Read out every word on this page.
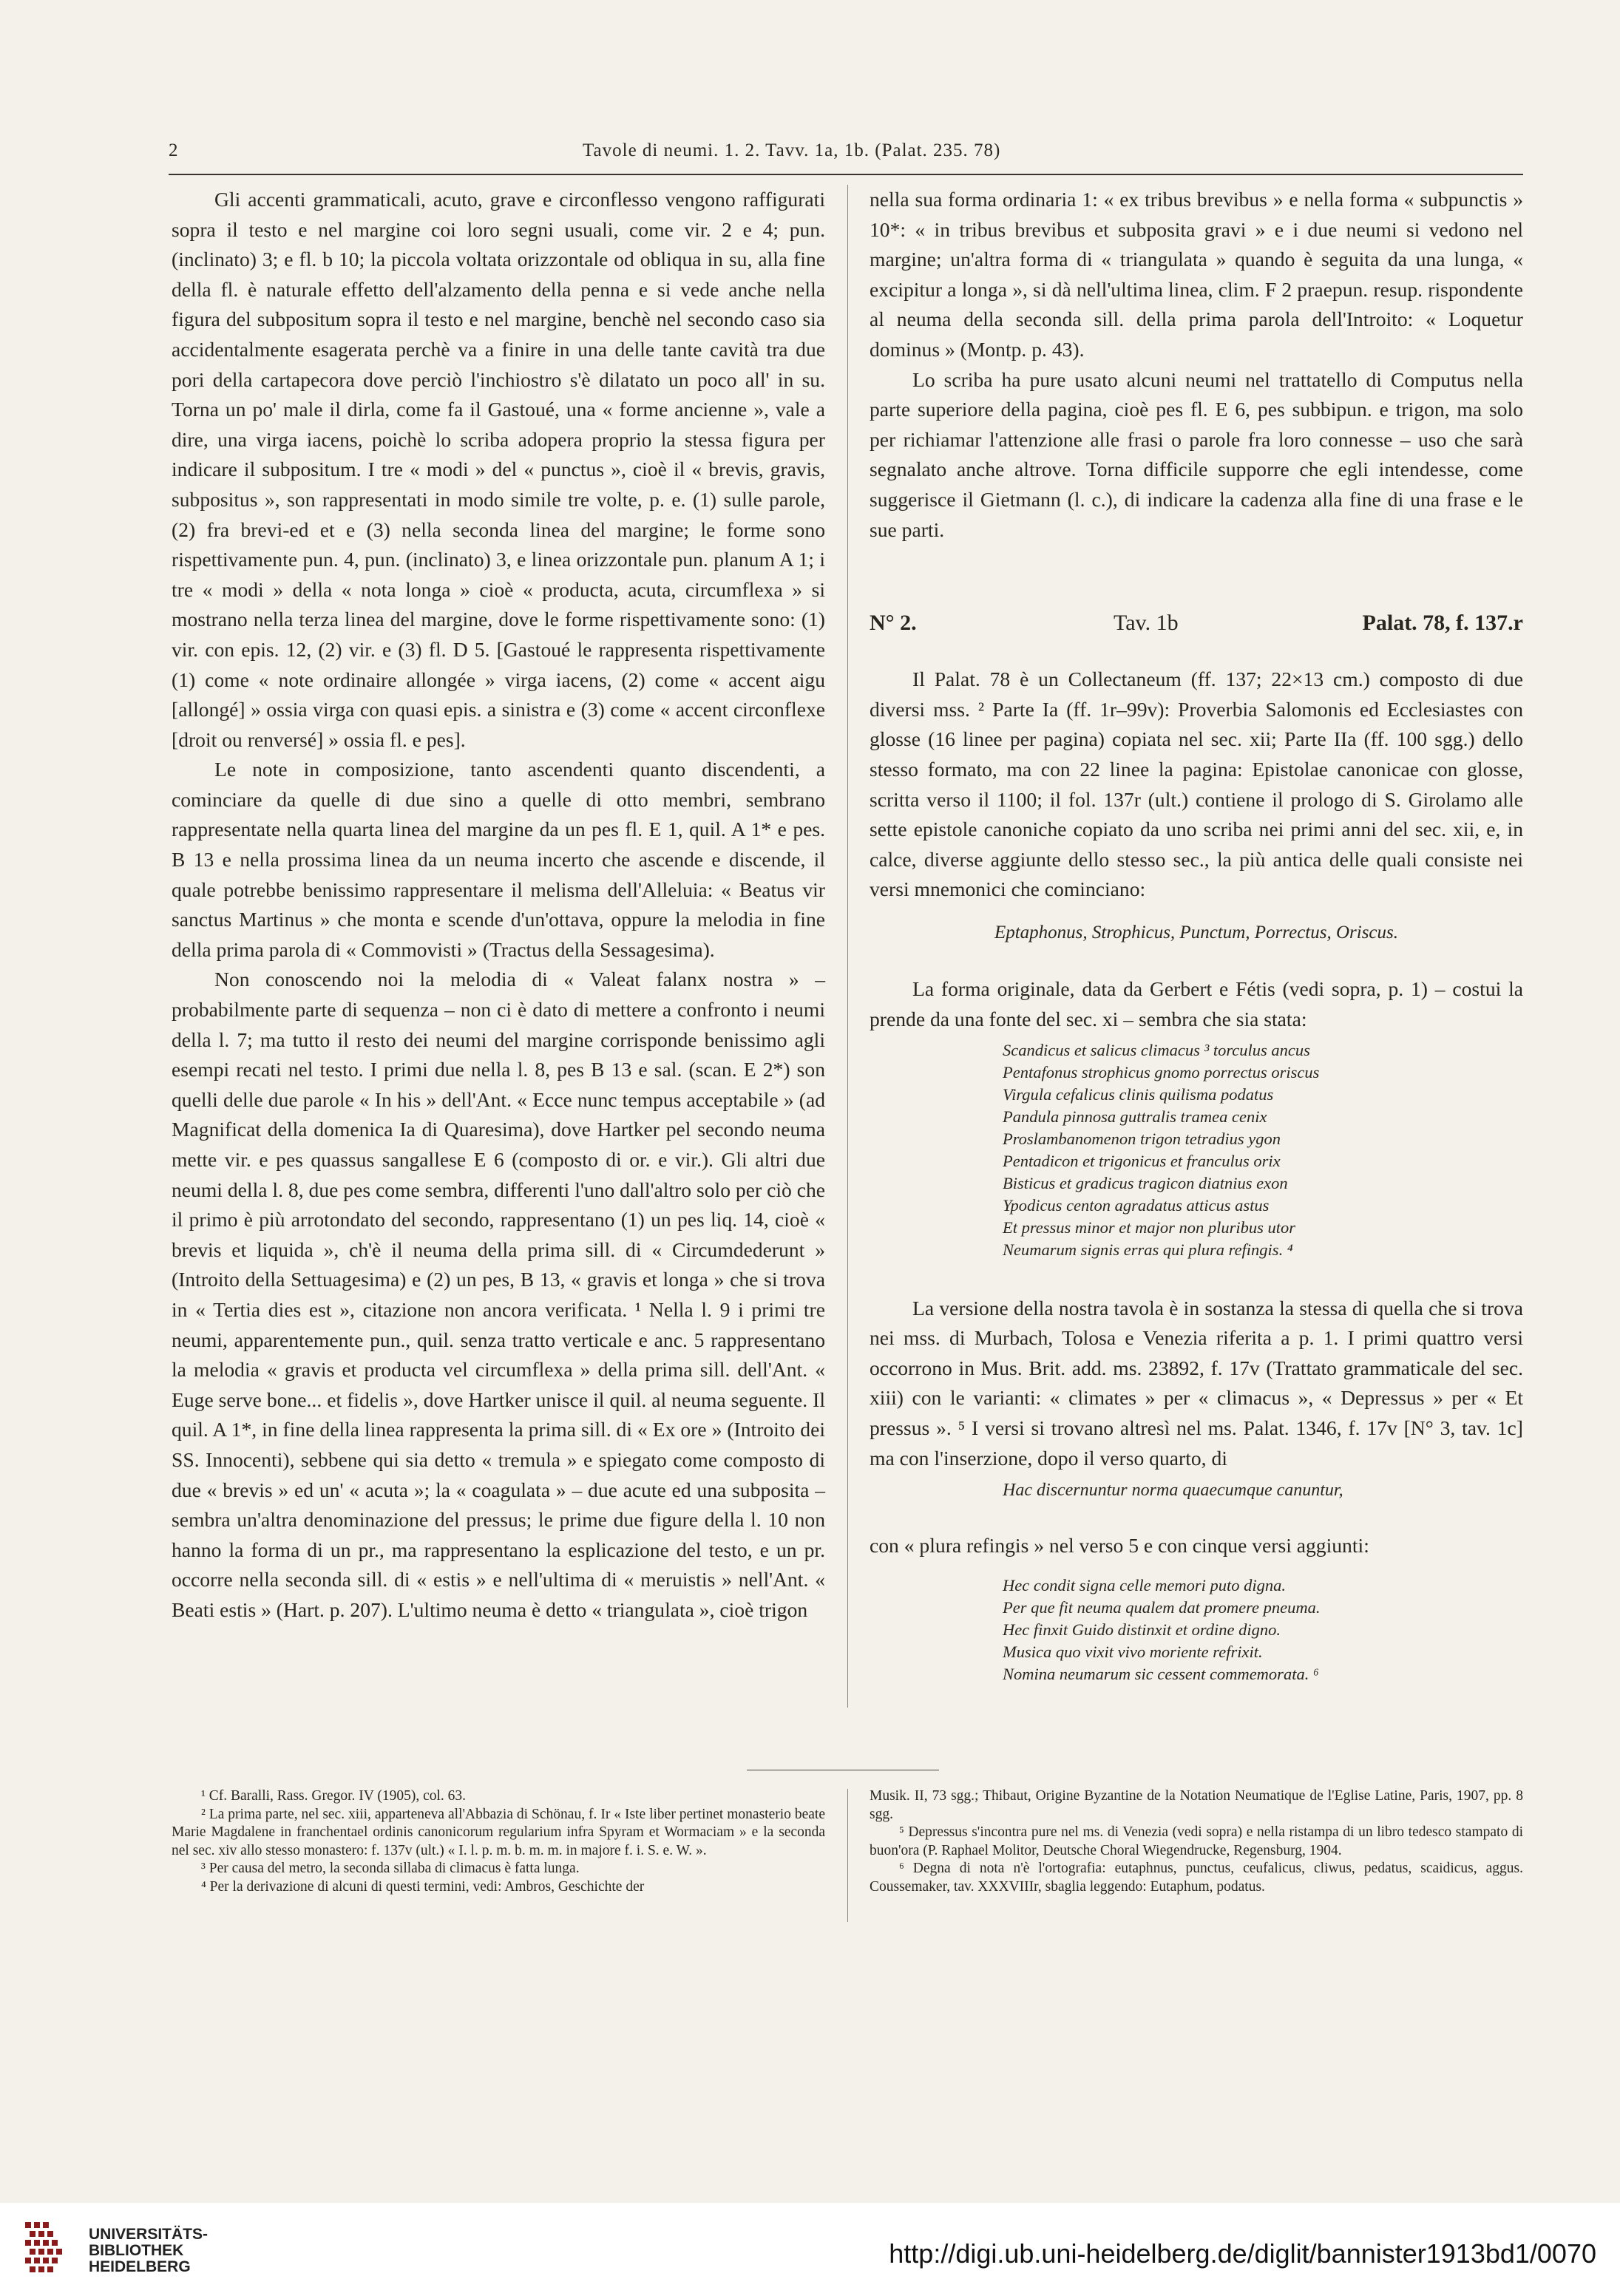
2	Tavole di neumi. 1. 2. Tavv. 1a, 1b. (Palat. 235. 78)

Gli accenti grammaticali, acuto, grave e circonflesso vengono raffigurati sopra il testo e nel margine coi loro segni usuali, come vir. 2 e 4; pun. (inclinato) 3; e fl. b 10; la piccola voltata orizzontale od obliqua in su, alla fine della fl. è naturale effetto dell'alzamento della penna e si vede anche nella figura del subpositum sopra il testo e nel margine, benchè nel secondo caso sia accidentalmente esagerata perchè va a finire in una delle tante cavità tra due pori della cartapecora dove perciò l'inchiostro s'è dilatato un poco all' in su. Torna un po' male il dirla, come fa il Gastoué, una « forme ancienne », vale a dire, una virga iacens, poichè lo scriba adopera proprio la stessa figura per indicare il subpositum. I tre « modi » del « punctus », cioè il « brevis, gravis, subpositus », son rappresentati in modo simile tre volte, p. e. (1) sulle parole, (2) fra brevi-ed et e (3) nella seconda linea del margine; le forme sono rispettivamente pun. 4, pun. (inclinato) 3, e linea orizzontale pun. planum A 1; i tre « modi » della « nota longa » cioè « producta, acuta, circumflexa » si mostrano nella terza linea del margine, dove le forme rispettivamente sono: (1) vir. con epis. 12, (2) vir. e (3) fl. D 5. [Gastoué le rappresenta rispettivamente (1) come « note ordinaire allongée » virga iacens, (2) come « accent aigu [allongé] » ossia virga con quasi epis. a sinistra e (3) come « accent circonflexe [droit ou renversé] » ossia fl. e pes].

Le note in composizione, tanto ascendenti quanto discendenti, a cominciare da quelle di due sino a quelle di otto membri, sembrano rappresentate nella quarta linea del margine da un pes fl. E 1, quil. A 1* e pes. B 13 e nella prossima linea da un neuma incerto che ascende e discende, il quale potrebbe benissimo rappresentare il melisma dell'Alleluia: « Beatus vir sanctus Martinus » che monta e scende d'un'ottava, oppure la melodia in fine della prima parola di « Commovisti » (Tractus della Sessagesima).

Non conoscendo noi la melodia di « Valeat falanx nostra » – probabilmente parte di sequenza – non ci è dato di mettere a confronto i neumi della l. 7; ma tutto il resto dei neumi del margine corrisponde benissimo agli esempi recati nel testo. I primi due nella l. 8, pes B 13 e sal. (scan. E 2*) son quelli delle due parole « In his » dell'Ant. « Ecce nunc tempus acceptabile » (ad Magnificat della domenica Ia di Quaresima), dove Hartker pel secondo neuma mette vir. e pes quassus sangallese E 6 (composto di or. e vir.). Gli altri due neumi della l. 8, due pes come sembra, differenti l'uno dall'altro solo per ciò che il primo è più arrotondato del secondo, rappresentano (1) un pes liq. 14, cioè « brevis et liquida », ch'è il neuma della prima sill. di « Circumdederunt » (Introito della Settuagesima) e (2) un pes, B 13, « gravis et longa » che si trova in « Tertia dies est », citazione non ancora verificata. ¹ Nella l. 9 i primi tre neumi, apparentemente pun., quil. senza tratto verticale e anc. 5 rappresentano la melodia « gravis et producta vel circumflexa » della prima sill. dell'Ant. « Euge serve bone... et fidelis », dove Hartker unisce il quil. al neuma seguente. Il quil. A 1*, in fine della linea rappresenta la prima sill. di « Ex ore » (Introito dei SS. Innocenti), sebbene qui sia detto « tremula » e spiegato come composto di due « brevis » ed un' « acuta »; la « coagulata » – due acute ed una subposita – sembra un'altra denominazione del pressus; le prime due figure della l. 10 non hanno la forma di un pr., ma rappresentano la esplicazione del testo, e un pr. occorre nella seconda sill. di « estis » e nell'ultima di « meruistis » nell'Ant. « Beati estis » (Hart. p. 207). L'ultimo neuma è detto « triangulata », cioè trigon

nella sua forma ordinaria 1: « ex tribus brevibus » e nella forma « subpunctis » 10*: « in tribus brevibus et subposita gravi » e i due neumi si vedono nel margine; un'altra forma di « triangulata » quando è seguita da una lunga, « excipitur a longa », si dà nell'ultima linea, clim. F 2 praepun. resup. rispondente al neuma della seconda sill. della prima parola dell'Introito: « Loquetur dominus » (Montp. p. 43).

Lo scriba ha pure usato alcuni neumi nel trattatello di Computus nella parte superiore della pagina, cioè pes fl. E 6, pes subbipun. e trigon, ma solo per richiamar l'attenzione alle frasi o parole fra loro connesse – uso che sarà segnalato anche altrove. Torna difficile supporre che egli intendesse, come suggerisce il Gietmann (l. c.), di indicare la cadenza alla fine di una frase e le sue parti.

N° 2.	Tav. 1b	Palat. 78, f. 137.r

Il Palat. 78 è un Collectaneum (ff. 137; 22×13 cm.) composto di due diversi mss. ² Parte Ia (ff. 1r–99v): Proverbia Salomonis ed Ecclesiastes con glosse (16 linee per pagina) copiata nel sec. xii; Parte IIa (ff. 100 sgg.) dello stesso formato, ma con 22 linee la pagina: Epistolae canonicae con glosse, scritta verso il 1100; il fol. 137r (ult.) contiene il prologo di S. Girolamo alle sette epistole canoniche copiato da uno scriba nei primi anni del sec. xii, e, in calce, diverse aggiunte dello stesso sec., la più antica delle quali consiste nei versi mnemonici che cominciano:

Eptaphonus, Strophicus, Punctum, Porrectus, Oriscus.

La forma originale, data da Gerbert e Fétis (vedi sopra, p. 1) – costui la prende da una fonte del sec. xi – sembra che sia stata:

Scandicus et salicus climacus ³ torculus ancus
Pentafonus strophicus gnomo porrectus oriscus
Virgula cefalicus clinis quilisma podatus
Pandula pinnosa guttralis tramea cenix
Proslambanomenon trigon tetradius ygon
Pentadicon et trigonicus et franculus orix
Bisticus et gradicus tragicon diatnius exon
Ypodicus centon agradatus atticus astus
Et pressus minor et major non pluribus utor
Neumarum signis erras qui plura refingis. ⁴

La versione della nostra tavola è in sostanza la stessa di quella che si trova nei mss. di Murbach, Tolosa e Venezia riferita a p. 1. I primi quattro versi occorrono in Mus. Brit. add. ms. 23892, f. 17v (Trattato grammaticale del sec. xiii) con le varianti: « climates » per « climacus », « Depressus » per « Et pressus ». ⁵ I versi si trovano altresì nel ms. Palat. 1346, f. 17v [N° 3, tav. 1c] ma con l'inserzione, dopo il verso quarto, di

Hac discernuntur norma quaecumque canuntur,

con « plura refingis » nel verso 5 e con cinque versi aggiunti:

Hec condit signa celle memori puto digna.
Per que fit neuma qualem dat promere pneuma.
Hec finxit Guido distinxit et ordine digno.
Musica quo vixit vivo moriente refrixit.
Nomina neumarum sic cessent commemorata. ⁶

¹ Cf. Baralli, Rass. Gregor. IV (1905), col. 63.

² La prima parte, nel sec. xiii, apparteneva all'Abbazia di Schönau, f. Ir « Iste liber pertinet monasterio beate Marie Magdalene in franchentael ordinis canonicorum regularium infra Spyram et Wormaciam » e la seconda nel sec. xiv allo stesso monastero: f. 137v (ult.) « I. l. p. m. b. m. m. in majore f. i. S. e. W. ».

³ Per causa del metro, la seconda sillaba di climacus è fatta lunga.

⁴ Per la derivazione di alcuni di questi termini, vedi: Ambros, Geschichte der

Musik. II, 73 sgg.; Thibaut, Origine Byzantine de la Notation Neumatique de l'Eglise Latine, Paris, 1907, pp. 8 sgg.

⁵ Depressus s'incontra pure nel ms. di Venezia (vedi sopra) e nella ristampa di un libro tedesco stampato di buon'ora (P. Raphael Molitor, Deutsche Choral Wiegendrucke, Regensburg, 1904.

⁶ Degna di nota n'è l'ortografia: eutaphnus, punctus, ceufalicus, cliwus, pedatus, scaidicus, aggus. Coussemaker, tav. XXXVIIIr, sbaglia leggendo: Eutaphum, podatus.

UNIVERSITÄTS-
BIBLIOTHEK
HEIDELBERG	http://digi.ub.uni-heidelberg.de/diglit/bannister1913bd1/0070
